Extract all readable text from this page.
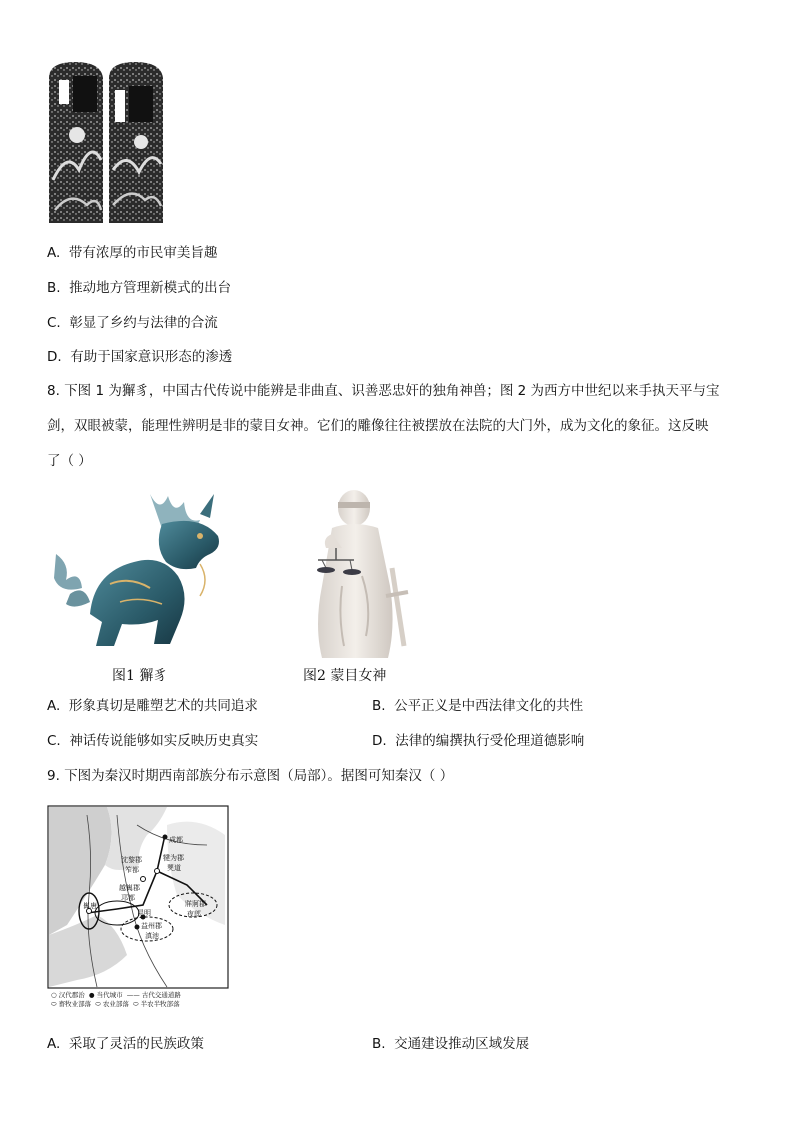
A. 带有浓厚的市民审美旨趣
B. 推动地方管理新模式的出台
C. 彰显了乡约与法律的合流
D. 有助于国家意识形态的渗透
8. 下图 1 为獬豸，中国古代传说中能辨是非曲直、识善恶忠奸的独角神兽；图 2 为西方中世纪以来手执天平与宝
剑，双眼被蒙，能理性辨明是非的蒙目女神。它们的雕像往往被摆放在法院的大门外，成为文化的象征。这反映
了（ ）
图1 獬豸	图2 蒙目女神
A. 形象真切是雕塑艺术的共同追求	B. 公平正义是中西法律文化的共性
C. 神话传说能够如实反映历史真实	D. 法律的编撰执行受伦理道德影响
9. 下图为秦汉时期西南部族分布示意图（局部）。据图可知秦汉（ ）
成都
犍为郡
僰道
沈黎郡
笮都
越嶲郡
邛都
嶲唐
昆明
益州郡
滇池
牂牁郡
夜郎
○ 汉代郡治 ● 当代城市 —— 古代交通道路
⬭ 畜牧业部落 ⬭ 农业部落 ⬭ 半农半牧部落
A. 采取了灵活的民族政策	B. 交通建设推动区域发展
